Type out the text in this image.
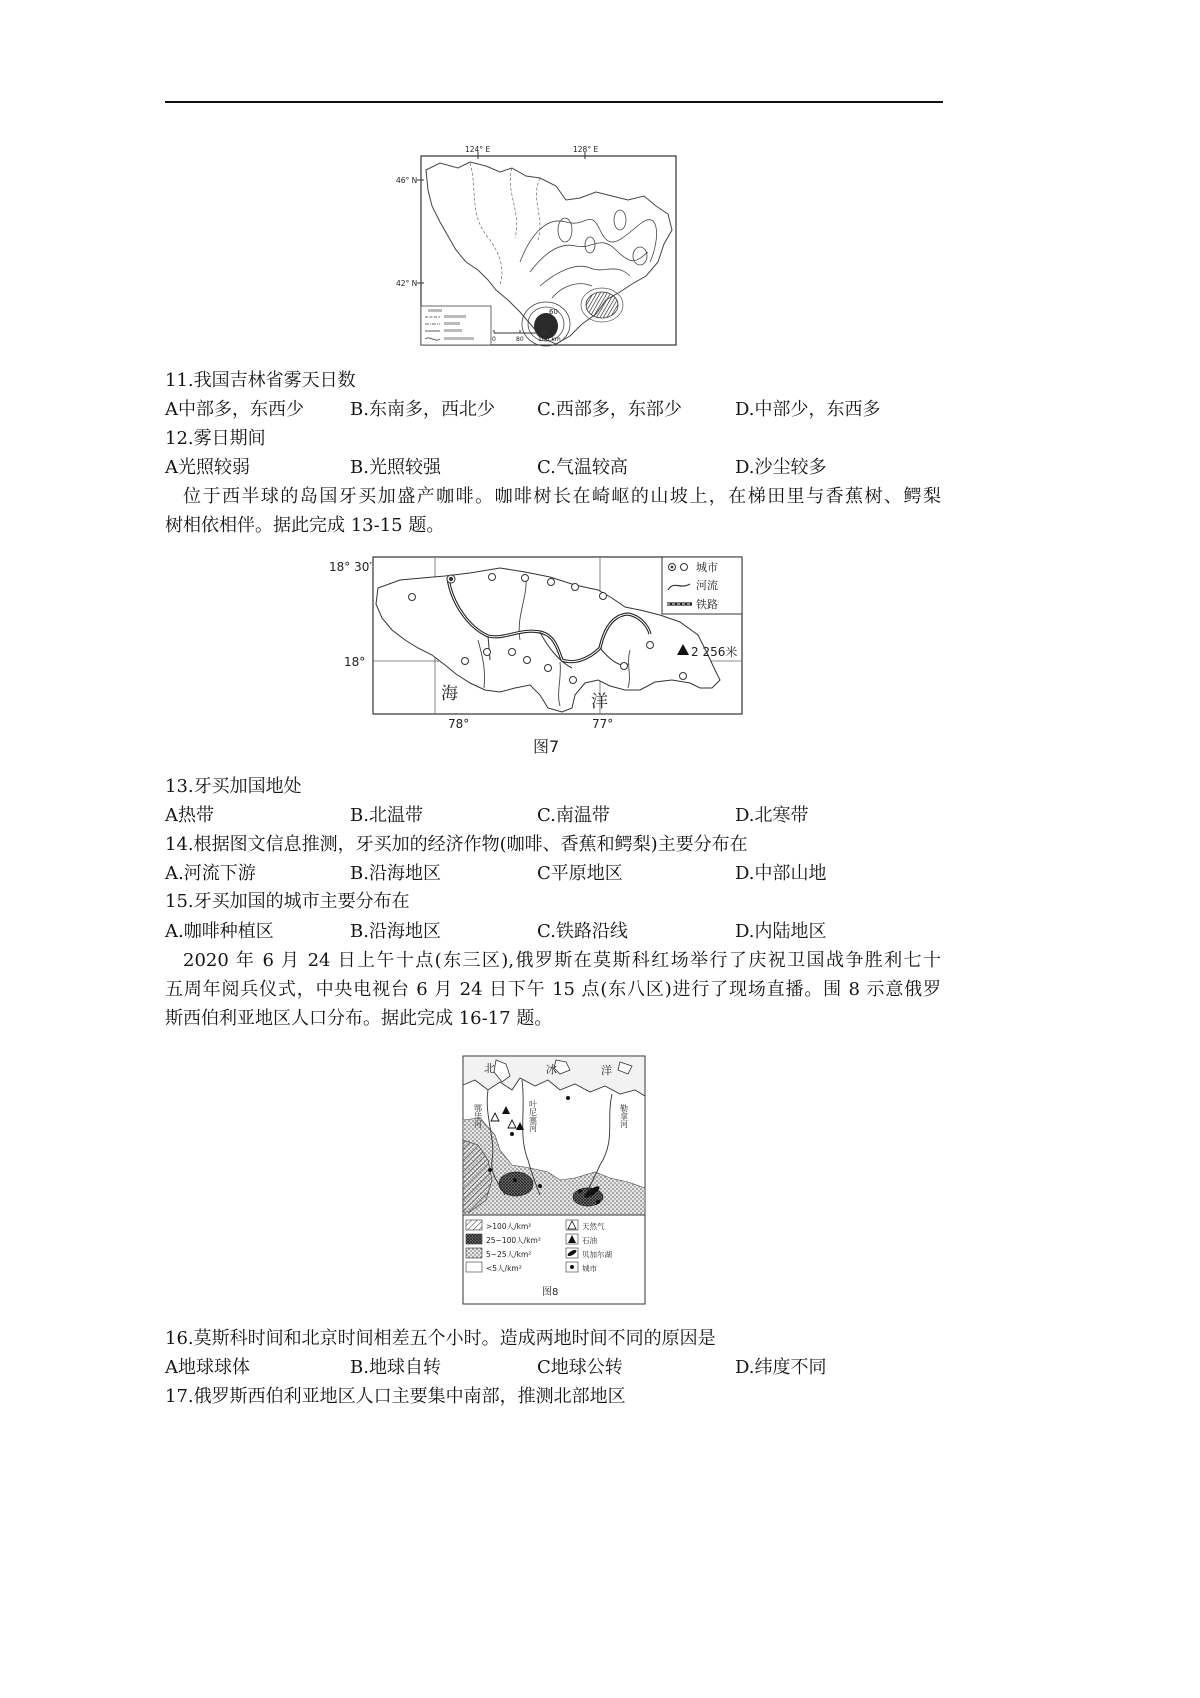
124° E	128° E
46° N
42° N
60
0	80 160 km
11.我国吉林省雾天日数
A中部多，东西少	B.东南多，西北少 C.西部多，东部少	D.中部少，东西多
12.雾日期间
A光照较弱	B.光照较强	C.气温较高	D.沙尘较多
位于西半球的岛国牙买加盛产咖啡。咖啡树长在崎岖的山坡上，在梯田里与香蕉树、鳄梨
树相依相伴。据此完成 13-15 题。
18° 30′
18°
78°	77°
2 256米
海	洋
城市
河流
铁路
图7
13.牙买加国地处
A热带	B.北温带	C.南温带	D.北寒带
14.根据图文信息推测，牙买加的经济作物(咖啡、香蕉和鳄梨)主要分布在
A.河流下游	B.沿海地区	C平原地区	D.中部山地
15.牙买加国的城市主要分布在
A.咖啡种植区	B.沿海地区	C.铁路沿线	D.内陆地区
2020 年 6 月 24 日上午十点(东三区),俄罗斯在莫斯科红场举行了庆祝卫国战争胜利七十
五周年阅兵仪式，中央电视台 6 月 24 日下午 15 点(东八区)进行了现场直播。围 8 示意俄罗
斯西伯利亚地区人口分布。据此完成 16-17 题。
北	冰	洋
鄂毕河	叶尼塞河	勒拿河
>100人/km²
25~100人/km²
5~25人/km²
<5人/km²
天然气
石油
贝加尔湖
城市
图8
16.莫斯科时间和北京时间相差五个小时。造成两地时间不同的原因是
A地球球体	B.地球自转	C地球公转	D.纬度不同
17.俄罗斯西伯利亚地区人口主要集中南部，推测北部地区
